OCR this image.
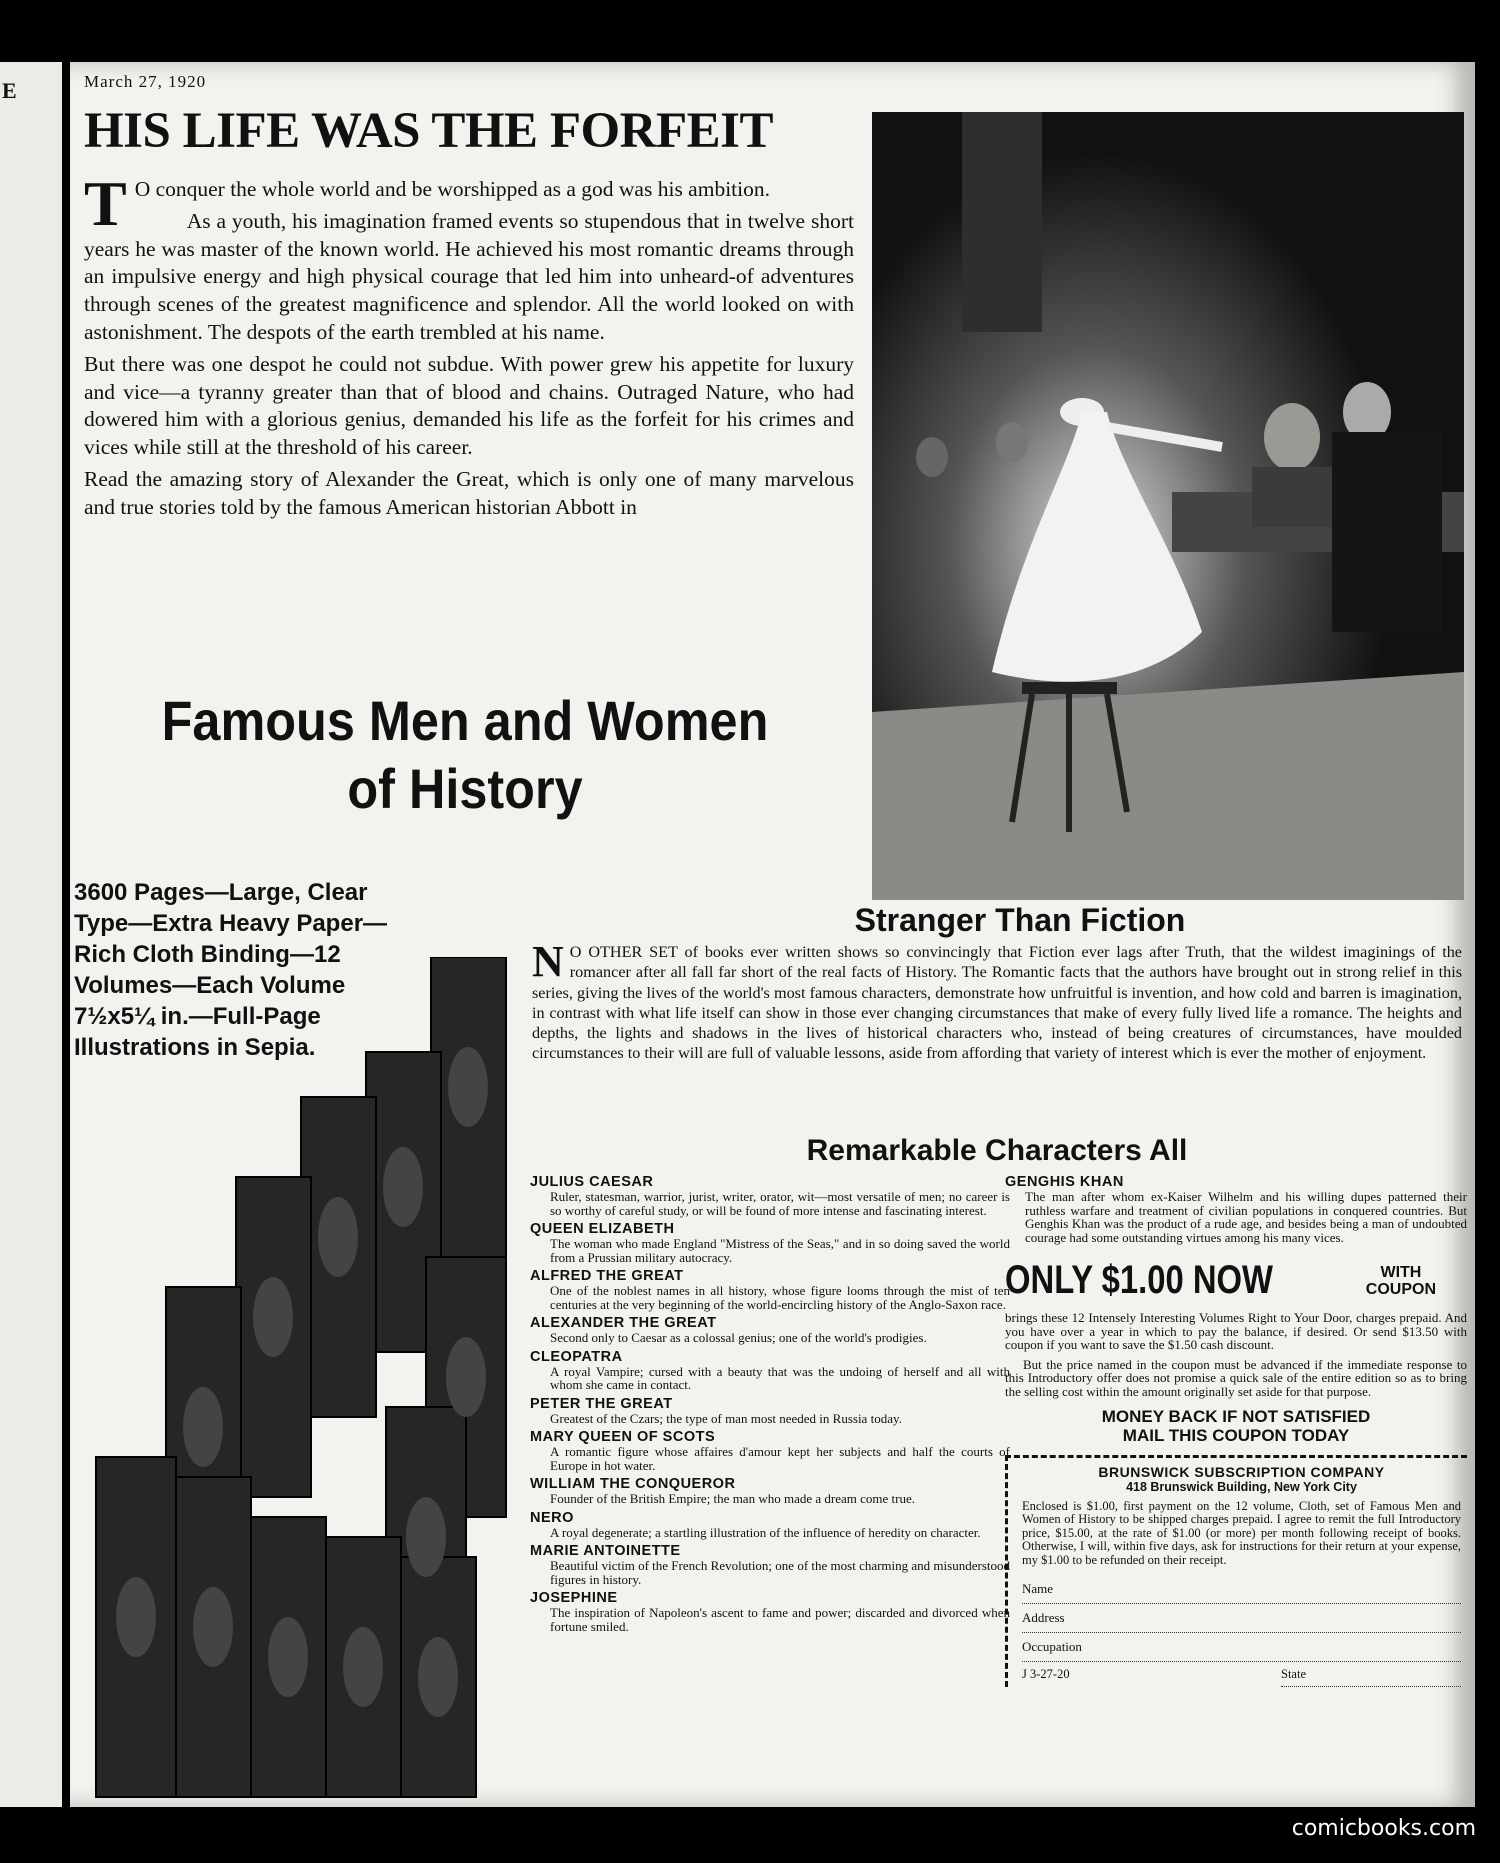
E	March 27, 1920
HIS LIFE WAS THE FORFEIT

T O conquer the whole world and be worshipped as a god was his ambition.

As a youth, his imagination framed events so stupendous that in twelve short years he was master of the known world. He achieved his most romantic dreams through an impulsive energy and high physical courage that led him into unheard-of adventures through scenes of the greatest magnificence and splendor. All the world looked on with astonishment. The despots of the earth trembled at his name.

But there was one despot he could not subdue. With power grew his appetite for luxury and vice—a tyranny greater than that of blood and chains. Outraged Nature, who had dowered him with a glorious genius, demanded his life as the forfeit for his crimes and vices while still at the threshold of his career.

Read the amazing story of Alexander the Great, which is only one of many marvelous and true stories told by the famous American historian Abbott in

Famous Men and Women
of History
3600 Pages—Large, Clear Type—Extra Heavy Paper—Rich Cloth Binding—12 Volumes—Each Volume 7½x5¼ in.—Full-Page Illustrations in Sepia.
Stranger Than Fiction
N O OTHER SET of books ever written shows so convincingly that Fiction ever lags after Truth, that the wildest imaginings of the romancer after all fall far short of the real facts of History. The Romantic facts that the authors have brought out in strong relief in this series, giving the lives of the world's most famous characters, demonstrate how unfruitful is invention, and how cold and barren is imagination, in contrast with what life itself can show in those ever changing circumstances that make of every fully lived life a romance. The heights and depths, the lights and shadows in the lives of historical characters who, instead of being creatures of circumstances, have moulded circumstances to their will are full of valuable lessons, aside from affording that variety of interest which is ever the mother of enjoyment.
Remarkable Characters All
JULIUS CAESAR
Ruler, statesman, warrior, jurist, writer, orator, wit—most versatile of men; no career is so worthy of careful study, or will be found of more intense and fascinating interest.
QUEEN ELIZABETH
The woman who made England "Mistress of the Seas," and in so doing saved the world from a Prussian military autocracy.
ALFRED THE GREAT
One of the noblest names in all history, whose figure looms through the mist of ten centuries at the very beginning of the world-encircling history of the Anglo-Saxon race.
ALEXANDER THE GREAT
Second only to Caesar as a colossal genius; one of the world's prodigies.
CLEOPATRA
A royal Vampire; cursed with a beauty that was the undoing of herself and all with whom she came in contact.
PETER THE GREAT
Greatest of the Czars; the type of man most needed in Russia today.
MARY QUEEN OF SCOTS
A romantic figure whose affaires d'amour kept her subjects and half the courts of Europe in hot water.
WILLIAM THE CONQUEROR
Founder of the British Empire; the man who made a dream come true.
NERO
A royal degenerate; a startling illustration of the influence of heredity on character.
MARIE ANTOINETTE
Beautiful victim of the French Revolution; one of the most charming and misunderstood figures in history.
JOSEPHINE
The inspiration of Napoleon's ascent to fame and power; discarded and divorced when fortune smiled.
GENGHIS KHAN
The man after whom ex-Kaiser Wilhelm and his willing dupes patterned their ruthless warfare and treatment of civilian populations in conquered countries. But Genghis Khan was the product of a rude age, and besides being a man of undoubted courage had some outstanding virtues among his many vices.
ONLY $1.00 NOW	WITH
COUPON

brings these 12 Intensely Interesting Volumes Right to Your Door, charges prepaid. And you have over a year in which to pay the balance, if desired. Or send $13.50 with coupon if you want to save the $1.50 cash discount.

But the price named in the coupon must be advanced if the immediate response to this Introductory offer does not promise a quick sale of the entire edition so as to bring the selling cost within the amount originally set aside for that purpose.

MONEY BACK IF NOT SATISFIED
MAIL THIS COUPON TODAY
BRUNSWICK SUBSCRIPTION COMPANY
418 Brunswick Building, New York City
Enclosed is $1.00, first payment on the 12 volume, Cloth, set of Famous Men and Women of History to be shipped charges prepaid. I agree to remit the full Introductory price, $15.00, at the rate of $1.00 (or more) per month following receipt of books. Otherwise, I will, within five days, ask for instructions for their return at your expense, my $1.00 to be refunded on their receipt.
Name
Address
Occupation
J 3-27-20	State
comicbooks.com
